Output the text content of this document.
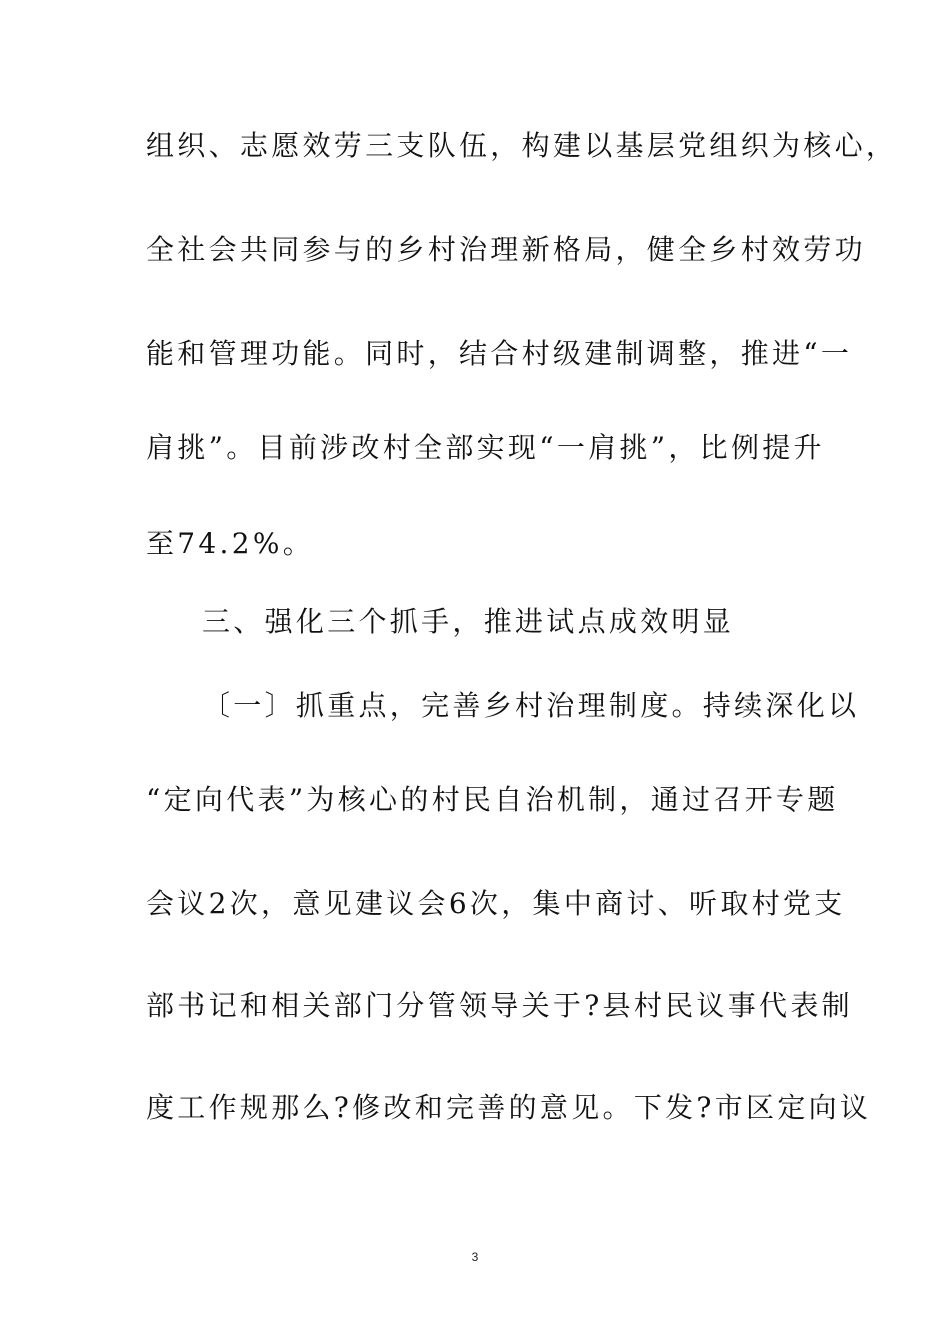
组织、志愿效劳三支队伍，构建以基层党组织为核心，
全社会共同参与的乡村治理新格局，健全乡村效劳功
能和管理功能。同时，结合村级建制调整，推进“一
肩挑”。目前涉改村全部实现“一肩挑”，比例提升
至74.2%。
三、强化三个抓手，推进试点成效明显
〔一〕抓重点，完善乡村治理制度。持续深化以
“定向代表”为核心的村民自治机制，通过召开专题
会议2次，意见建议会6次，集中商讨、听取村党支
部书记和相关部门分管领导关于?县村民议事代表制
度工作规那么?修改和完善的意见。下发?市区定向议
3
